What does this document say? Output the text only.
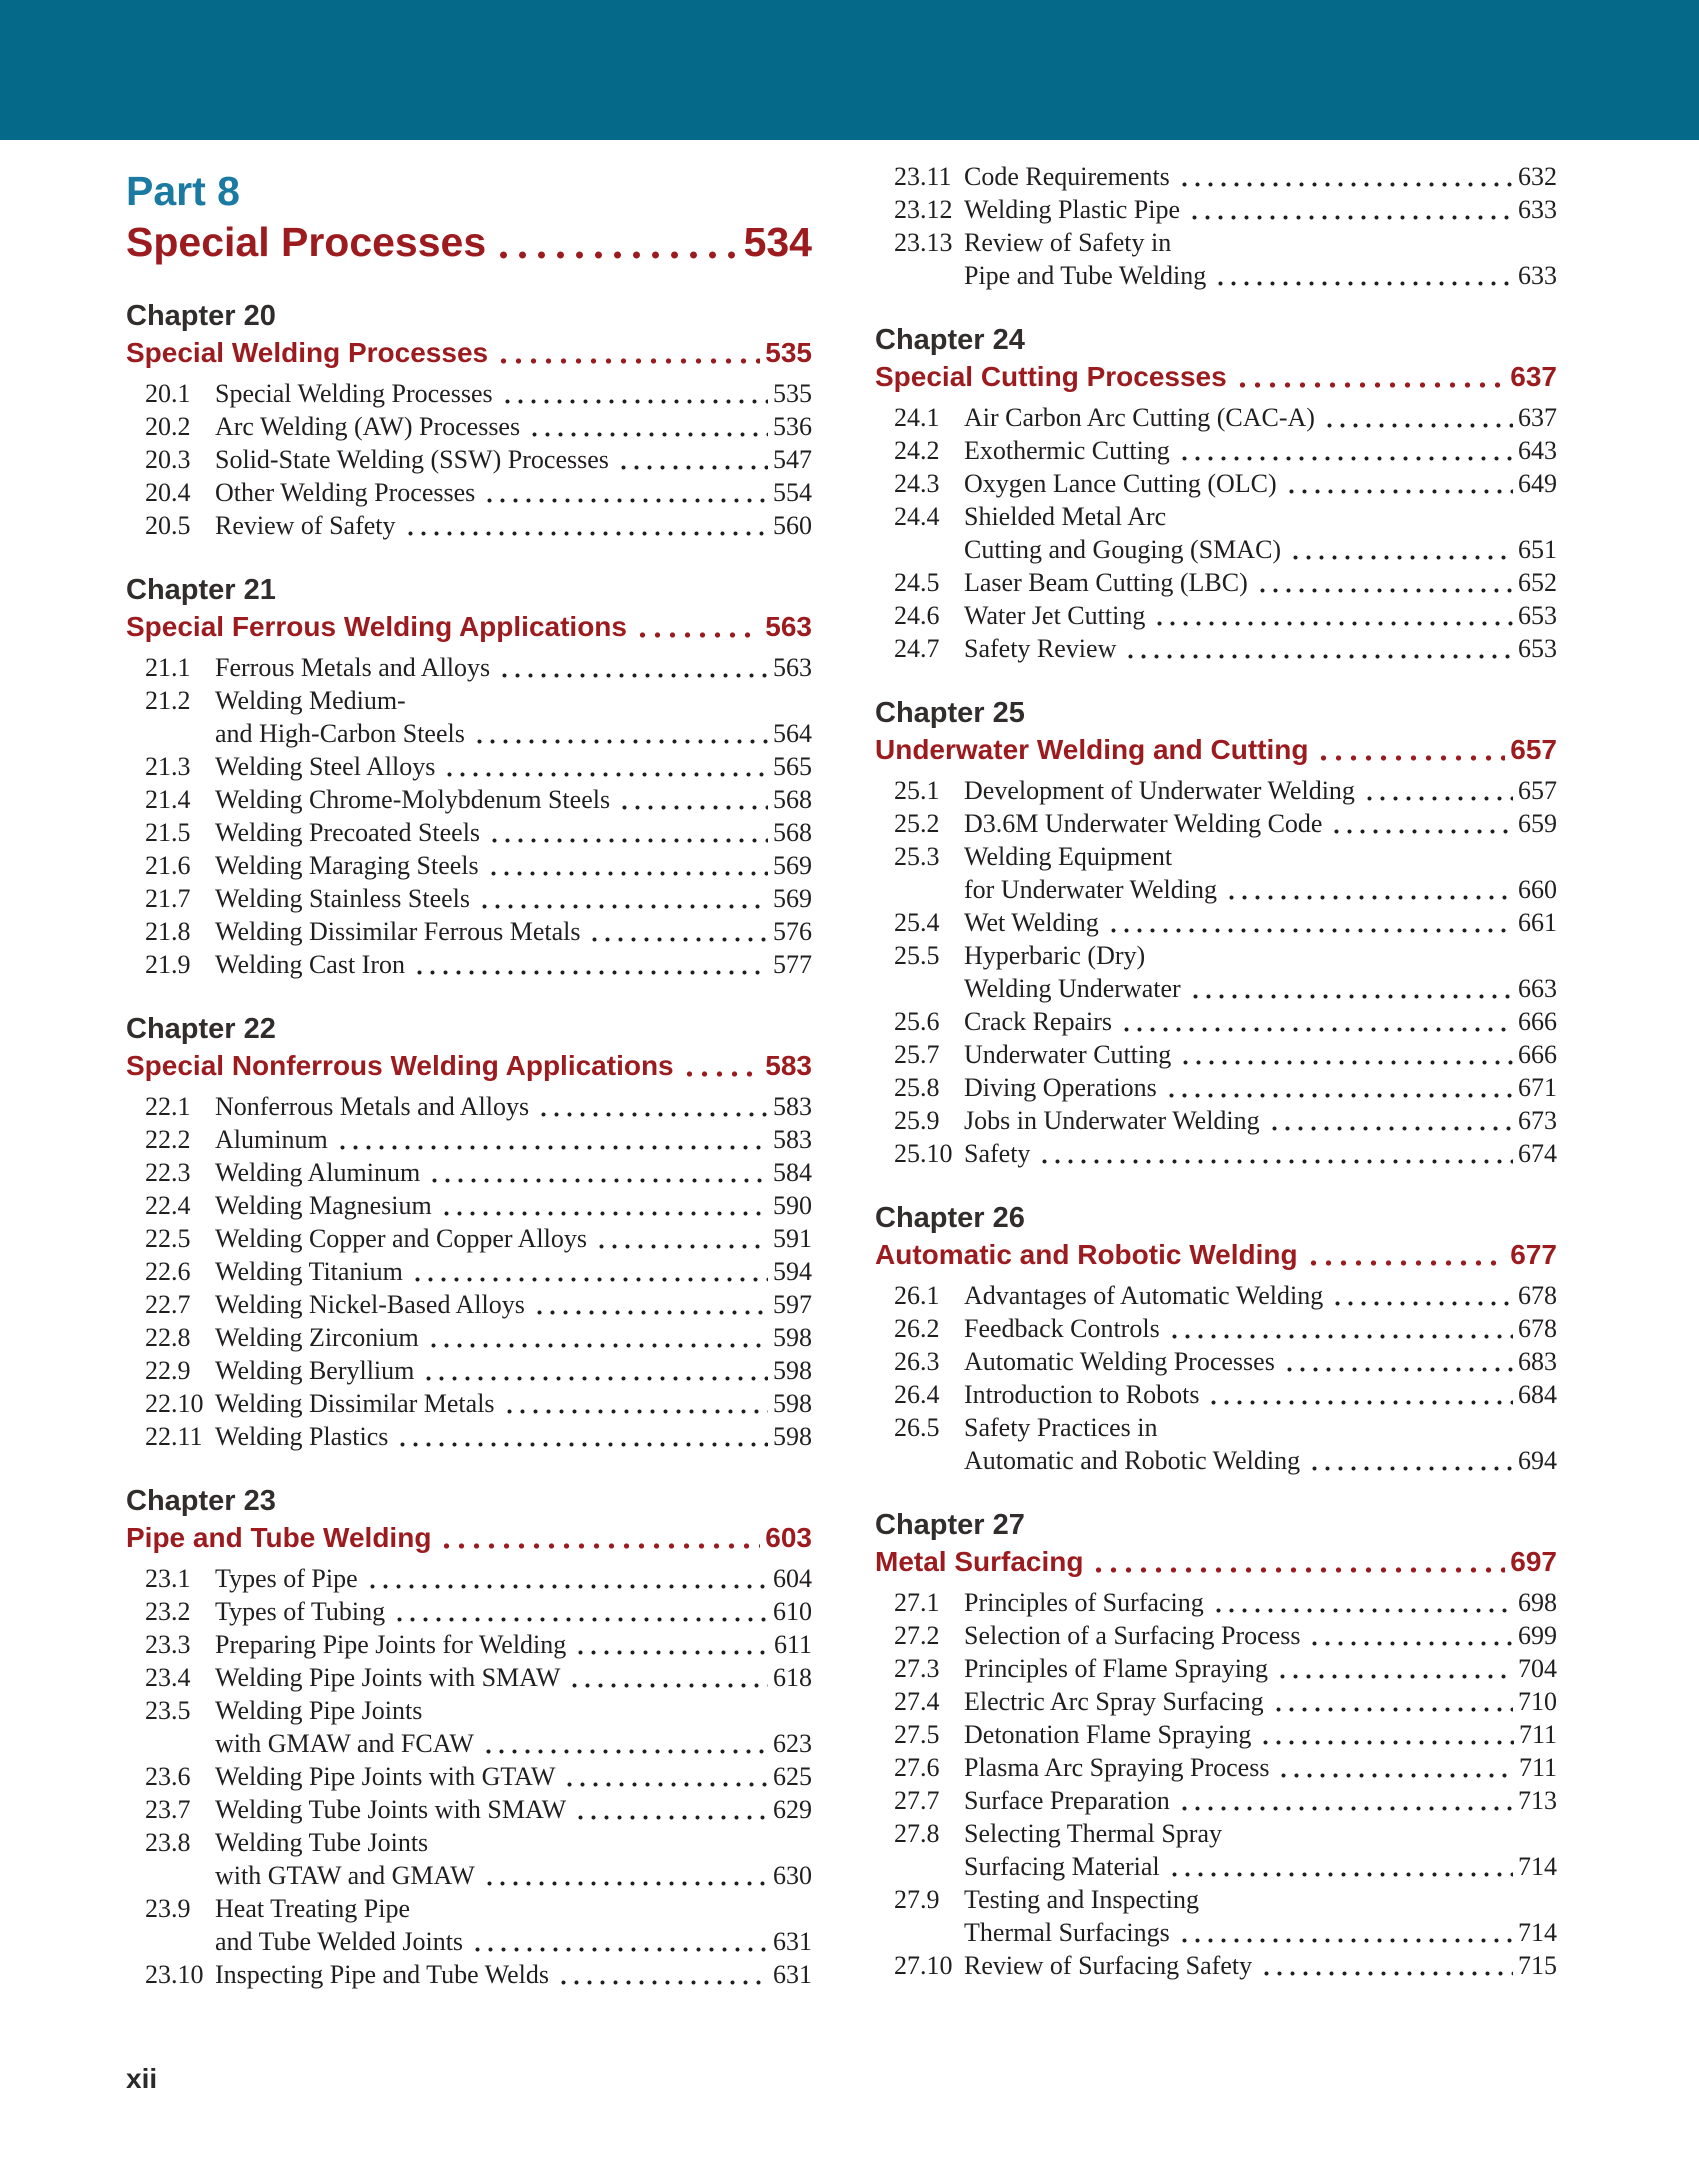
Part 8
Special Processes	534
Chapter 20
Special Welding Processes	535
20.1 Special Welding Processes	535
20.2 Arc Welding (AW) Processes	536
20.3 Solid-State Welding (SSW) Processes	547
20.4 Other Welding Processes	554
20.5 Review of Safety	560
Chapter 21
Special Ferrous Welding Applications	563
21.1 Ferrous Metals and Alloys	563
21.2 Welding Medium-
and High-Carbon Steels	564
21.3 Welding Steel Alloys	565
21.4 Welding Chrome-Molybdenum Steels	568
21.5 Welding Precoated Steels	568
21.6 Welding Maraging Steels	569
21.7 Welding Stainless Steels	569
21.8 Welding Dissimilar Ferrous Metals	576
21.9 Welding Cast Iron	577
Chapter 22
Special Nonferrous Welding Applications	583
22.1 Nonferrous Metals and Alloys	583
22.2 Aluminum	583
22.3 Welding Aluminum	584
22.4 Welding Magnesium	590
22.5 Welding Copper and Copper Alloys	591
22.6 Welding Titanium	594
22.7 Welding Nickel-Based Alloys	597
22.8 Welding Zirconium	598
22.9 Welding Beryllium	598
22.10 Welding Dissimilar Metals	598
22.11 Welding Plastics	598
Chapter 23
Pipe and Tube Welding	603
23.1 Types of Pipe	604
23.2 Types of Tubing	610
23.3 Preparing Pipe Joints for Welding	611
23.4 Welding Pipe Joints with SMAW	618
23.5 Welding Pipe Joints
with GMAW and FCAW	623
23.6 Welding Pipe Joints with GTAW	625
23.7 Welding Tube Joints with SMAW	629
23.8 Welding Tube Joints
with GTAW and GMAW	630
23.9 Heat Treating Pipe
and Tube Welded Joints	631
23.10 Inspecting Pipe and Tube Welds	631
23.11 Code Requirements	632
23.12 Welding Plastic Pipe	633
23.13 Review of Safety in
Pipe and Tube Welding	633
Chapter 24
Special Cutting Processes	637
24.1 Air Carbon Arc Cutting (CAC-A)	637
24.2 Exothermic Cutting	643
24.3 Oxygen Lance Cutting (OLC)	649
24.4 Shielded Metal Arc
Cutting and Gouging (SMAC)	651
24.5 Laser Beam Cutting (LBC)	652
24.6 Water Jet Cutting	653
24.7 Safety Review	653
Chapter 25
Underwater Welding and Cutting	657
25.1 Development of Underwater Welding	657
25.2 D3.6M Underwater Welding Code	659
25.3 Welding Equipment
for Underwater Welding	660
25.4 Wet Welding	661
25.5 Hyperbaric (Dry)
Welding Underwater	663
25.6 Crack Repairs	666
25.7 Underwater Cutting	666
25.8 Diving Operations	671
25.9 Jobs in Underwater Welding	673
25.10 Safety	674
Chapter 26
Automatic and Robotic Welding	677
26.1 Advantages of Automatic Welding	678
26.2 Feedback Controls	678
26.3 Automatic Welding Processes	683
26.4 Introduction to Robots	684
26.5 Safety Practices in
Automatic and Robotic Welding	694
Chapter 27
Metal Surfacing	697
27.1 Principles of Surfacing	698
27.2 Selection of a Surfacing Process	699
27.3 Principles of Flame Spraying	704
27.4 Electric Arc Spray Surfacing	710
27.5 Detonation Flame Spraying	711
27.6 Plasma Arc Spraying Process	711
27.7 Surface Preparation	713
27.8 Selecting Thermal Spray
Surfacing Material	714
27.9 Testing and Inspecting
Thermal Surfacings	714
27.10 Review of Surfacing Safety	715
xii
